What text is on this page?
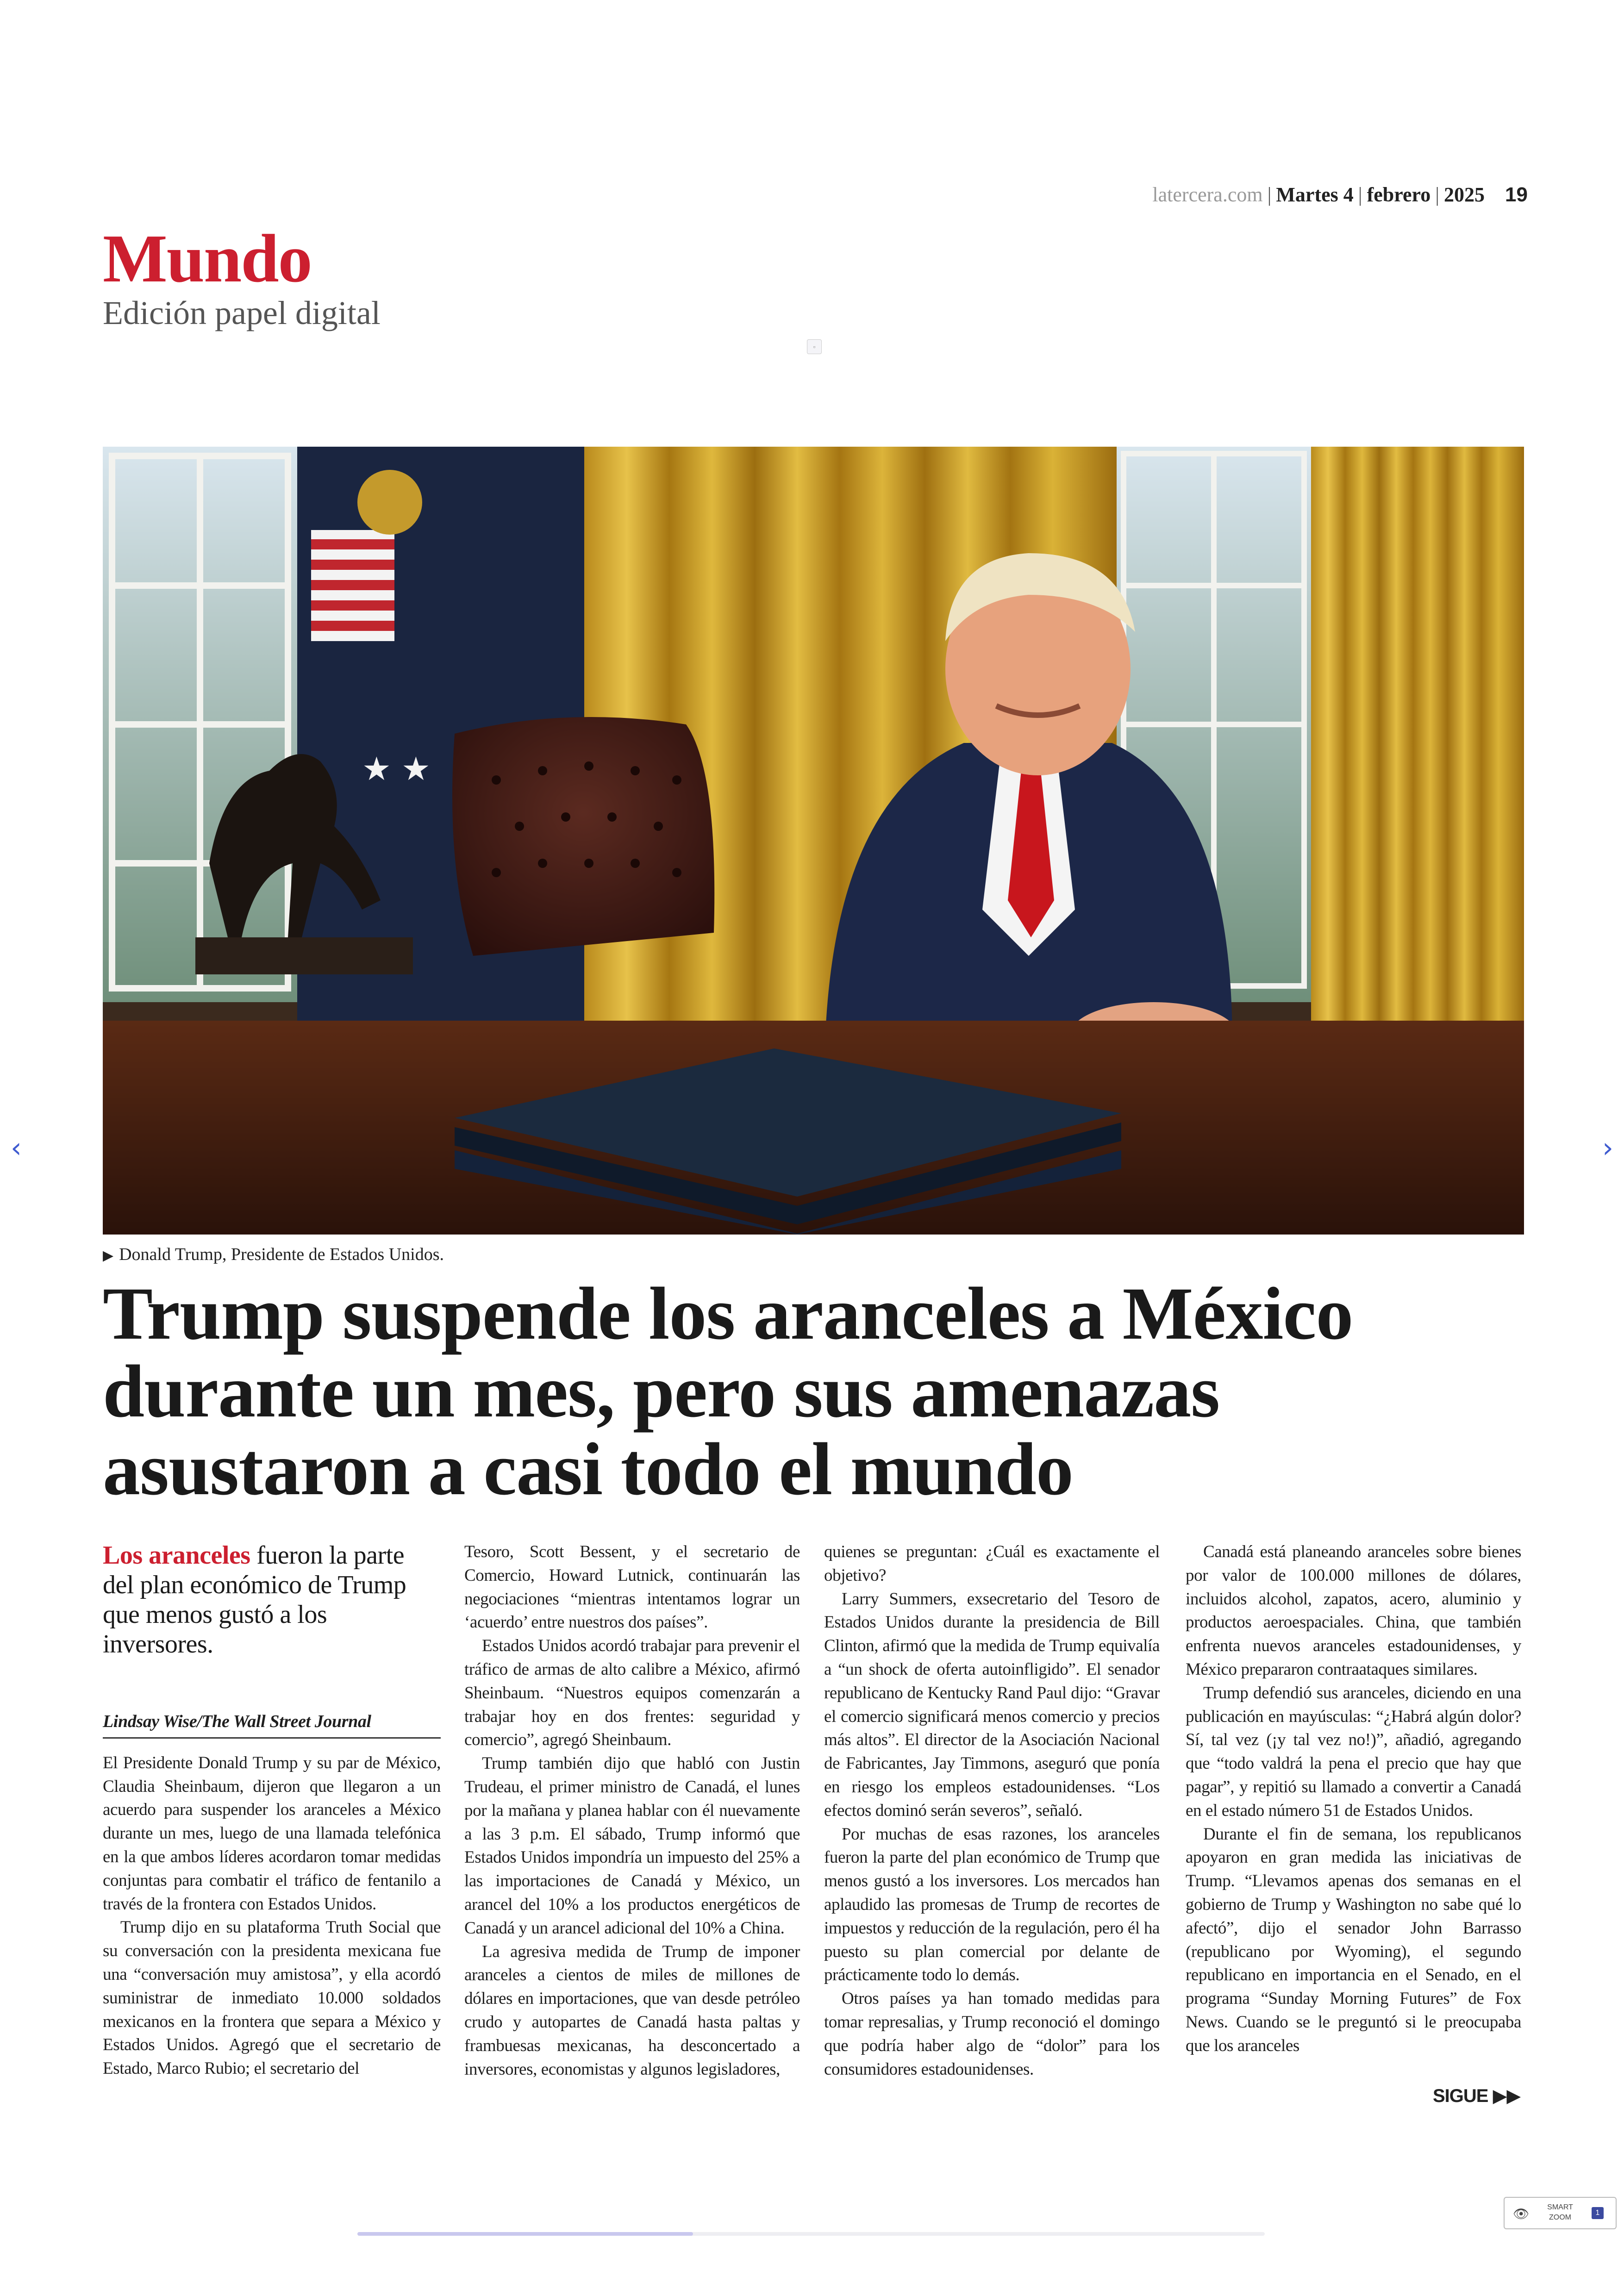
latercera.com | Martes 4 | febrero | 2025 19
Mundo
Edición papel digital
▫
★ ★
▶ Donald Trump, Presidente de Estados Unidos.
Trump suspende los aranceles a México durante un mes, pero sus amenazas asustaron a casi todo el mundo
Los aranceles fueron la parte del plan económico de Trump que menos gustó a los inversores.
Lindsay Wise/The Wall Street Journal

El Presidente Donald Trump y su par de México, Claudia Sheinbaum, dijeron que llegaron a un acuerdo para suspender los aranceles a México durante un mes, luego de una llamada telefónica en la que ambos líderes acordaron tomar medidas conjuntas para combatir el tráfico de fentanilo a través de la frontera con Estados Unidos.

Trump dijo en su plataforma Truth Social que su conversación con la presidenta mexicana fue una “conversación muy amistosa”, y ella acordó suministrar de inmediato 10.000 soldados mexicanos en la frontera que separa a México y Estados Unidos. Agregó que el secretario de Estado, Marco Rubio; el secretario del

Tesoro, Scott Bessent, y el secretario de Comercio, Howard Lutnick, continuarán las negociaciones “mientras intentamos lograr un ‘acuerdo’ entre nuestros dos países”.

Estados Unidos acordó trabajar para prevenir el tráfico de armas de alto calibre a México, afirmó Sheinbaum. “Nuestros equipos comenzarán a trabajar hoy en dos frentes: seguridad y comercio”, agregó Sheinbaum.

Trump también dijo que habló con Justin Trudeau, el primer ministro de Canadá, el lunes por la mañana y planea hablar con él nuevamente a las 3 p.m. El sábado, Trump informó que Estados Unidos impondría un impuesto del 25% a las importaciones de Canadá y México, un arancel del 10% a los productos energéticos de Canadá y un arancel adicional del 10% a China.

La agresiva medida de Trump de imponer aranceles a cientos de miles de millones de dólares en importaciones, que van desde petróleo crudo y autopartes de Canadá hasta paltas y frambuesas mexicanas, ha desconcertado a inversores, economistas y algunos legisladores,

quienes se preguntan: ¿Cuál es exactamente el objetivo?

Larry Summers, exsecretario del Tesoro de Estados Unidos durante la presidencia de Bill Clinton, afirmó que la medida de Trump equivalía a “un shock de oferta autoinfligido”. El senador republicano de Kentucky Rand Paul dijo: “Gravar el comercio significará menos comercio y precios más altos”. El director de la Asociación Nacional de Fabricantes, Jay Timmons, aseguró que ponía en riesgo los empleos estadounidenses. “Los efectos dominó serán severos”, señaló.

Por muchas de esas razones, los aranceles fueron la parte del plan económico de Trump que menos gustó a los inversores. Los mercados han aplaudido las promesas de Trump de recortes de impuestos y reducción de la regulación, pero él ha puesto su plan comercial por delante de prácticamente todo lo demás.

Otros países ya han tomado medidas para tomar represalias, y Trump reconoció el domingo que podría haber algo de “dolor” para los consumidores estadounidenses.

Canadá está planeando aranceles sobre bienes por valor de 100.000 millones de dólares, incluidos alcohol, zapatos, acero, aluminio y productos aeroespaciales. China, que también enfrenta nuevos aranceles estadounidenses, y México prepararon contraataques similares.

Trump defendió sus aranceles, diciendo en una publicación en mayúsculas: “¿Habrá algún dolor? Sí, tal vez (¡y tal vez no!)”, añadió, agregando que “todo valdrá la pena el precio que hay que pagar”, y repitió su llamado a convertir a Canadá en el estado número 51 de Estados Unidos.

Durante el fin de semana, los republicanos apoyaron en gran medida las iniciativas de Trump. “Llevamos apenas dos semanas en el gobierno de Trump y Washington no sabe qué lo afectó”, dijo el senador John Barrasso (republicano por Wyoming), el segundo republicano en importancia en el Senado, en el programa “Sunday Morning Futures” de Fox News. Cuando se le preguntó si le preocupaba que los aranceles

SIGUE ▶▶
‹	›
👁	SMART
ZOOM
1
